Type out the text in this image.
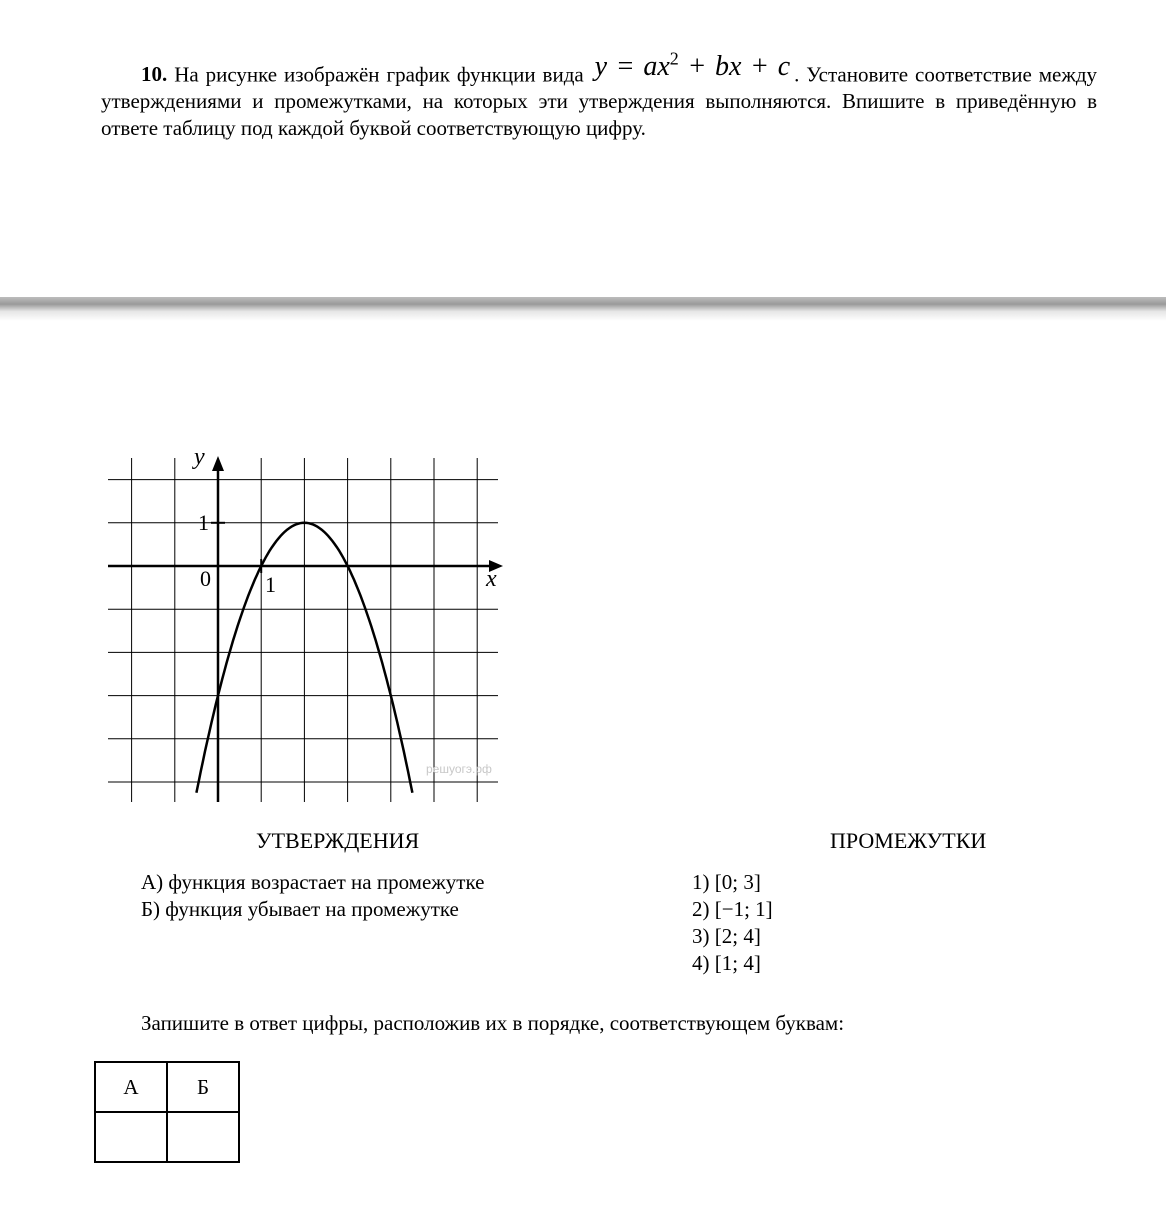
10. На рисунке изображён график функции вида $y = ax^2$ + bx + c . Установите соответствие между утверждениями и промежутками, на которых эти утверждения выполняются. Впишите в приведённую в ответе таблицу под каждой буквой соответствующую цифру.
y
x
0 1
1
решуогэ.рф
УТВЕРЖДЕНИЯ	ПРОМЕЖУТКИ
А) функция возрастает на промежутке
Б) функция убывает на промежутке
1) [0; 3]
2) [−1; 1]
3) [2; 4]
4) [1; 4]
Запишите в ответ цифры, расположив их в порядке, соответствующем буквам:
А	Б
